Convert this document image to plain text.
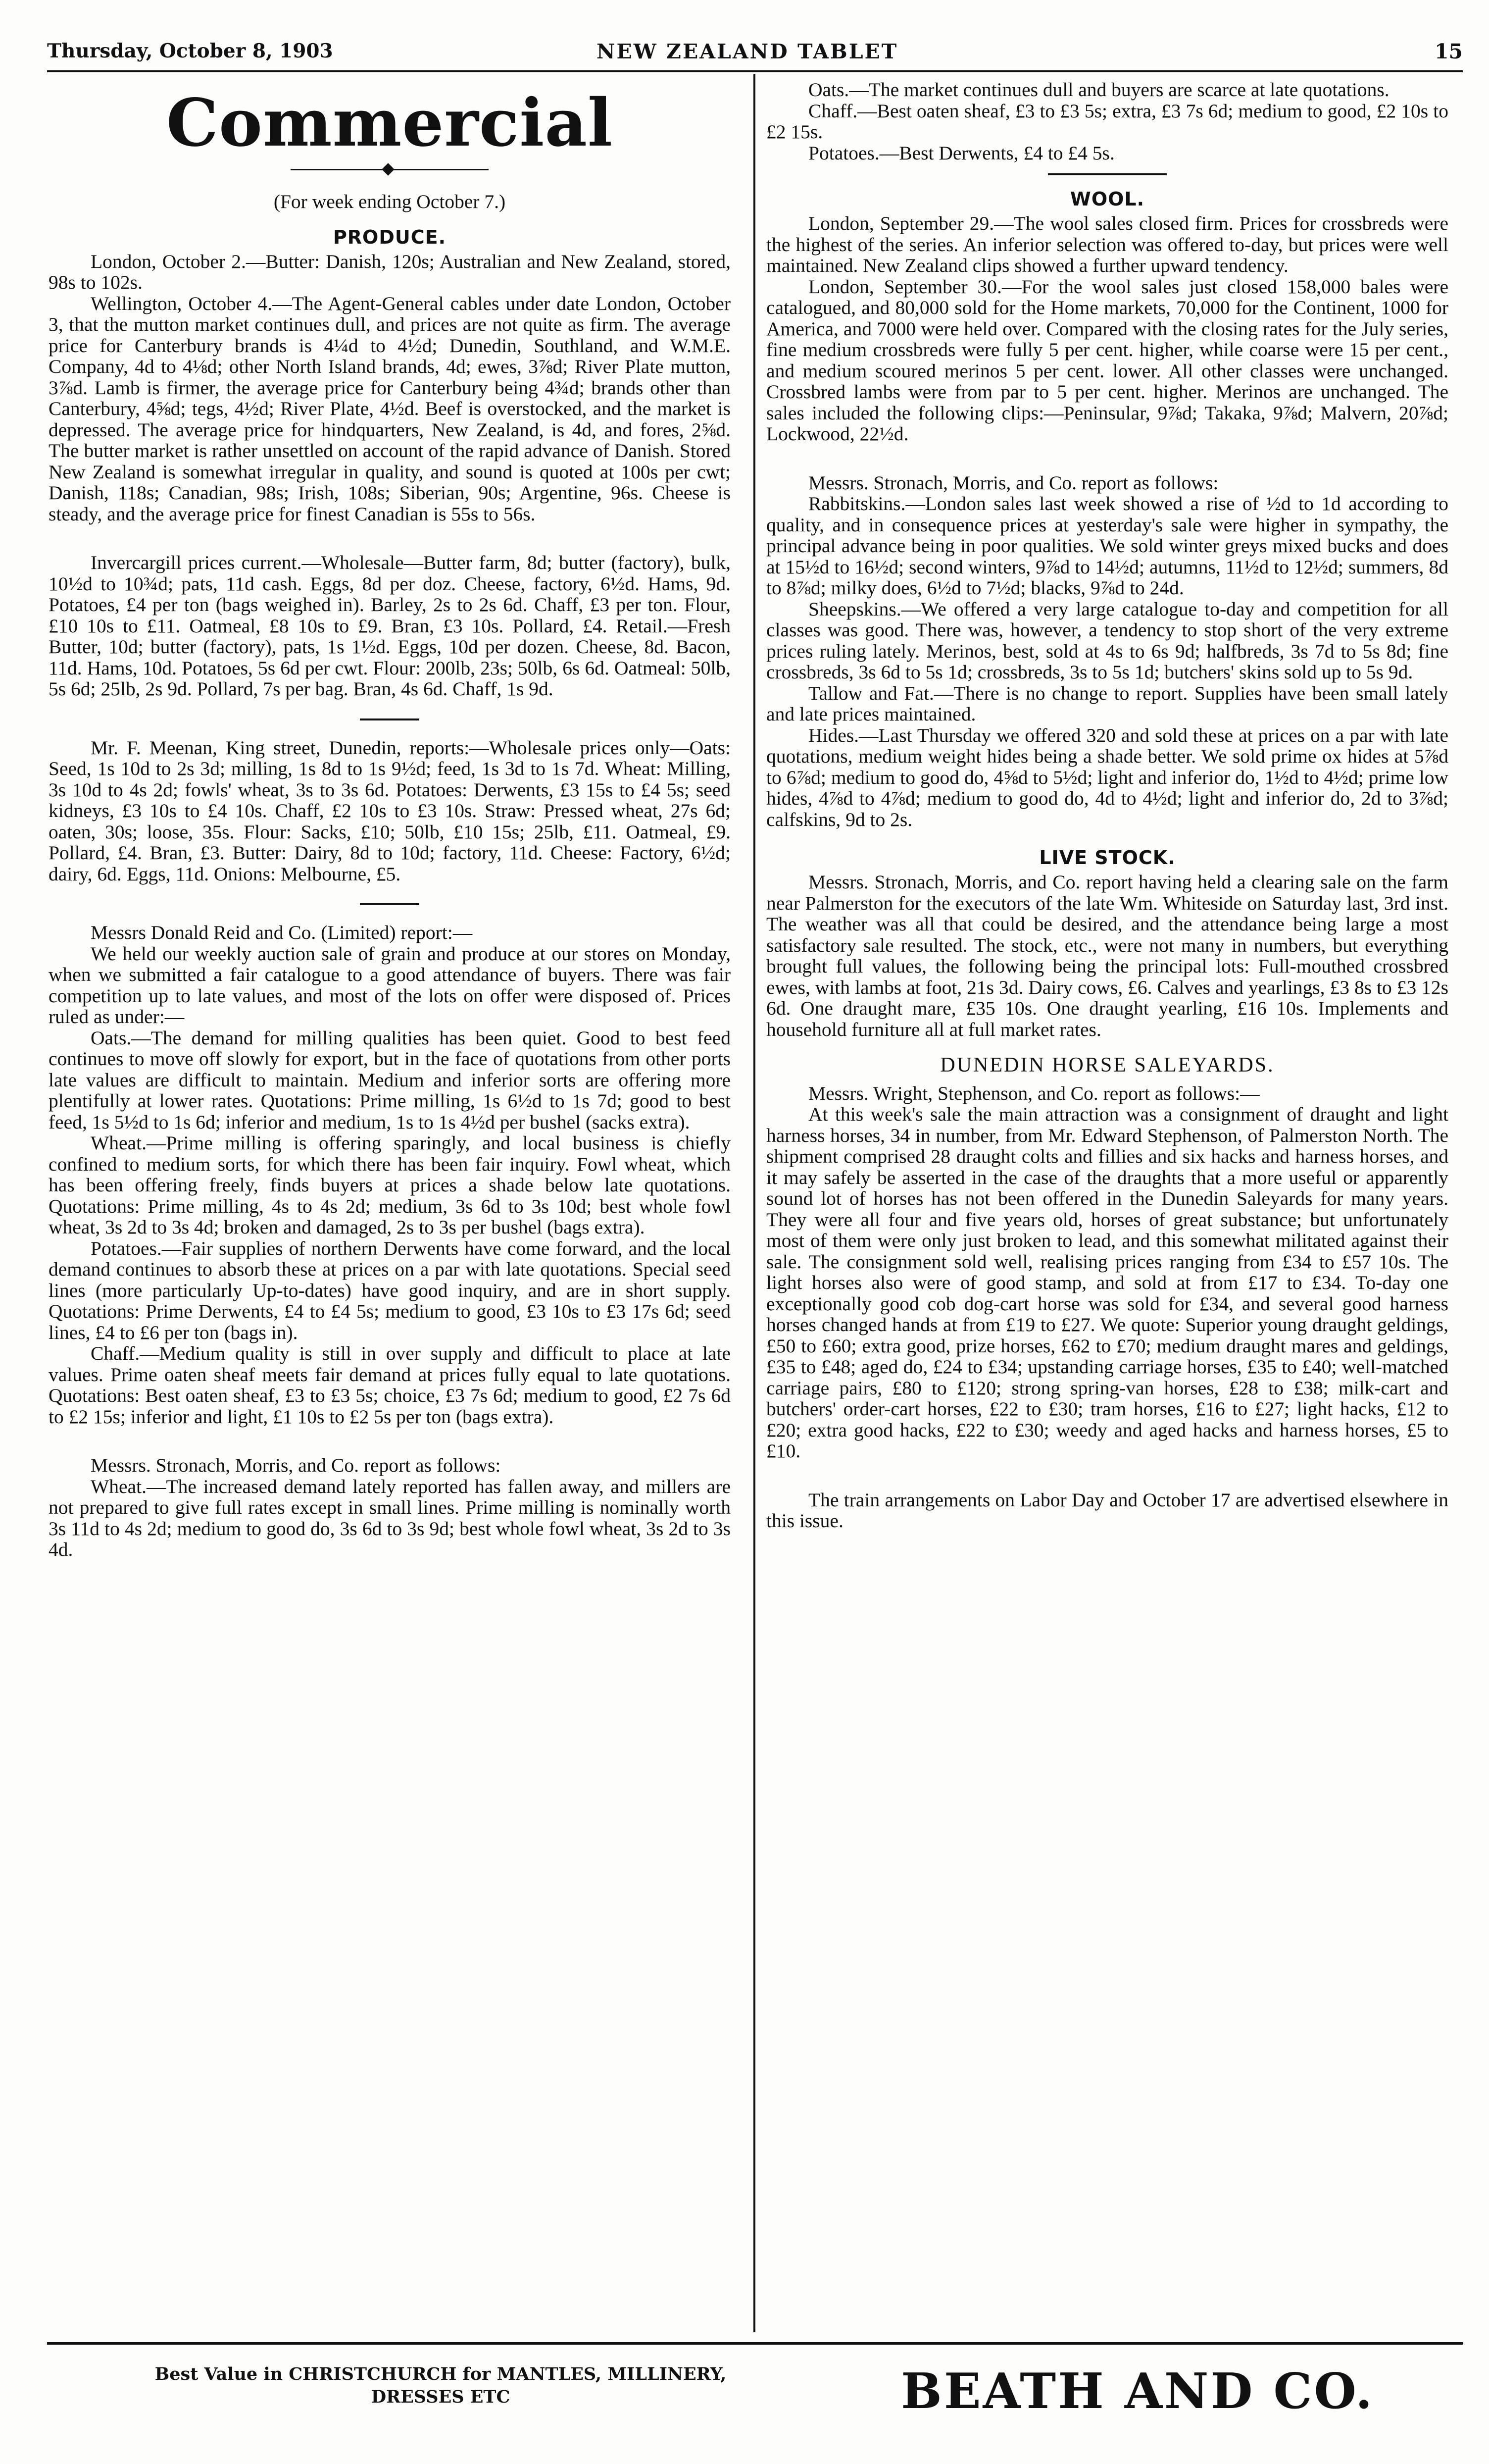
Thursday, October 8, 1903	NEW ZEALAND TABLET	15
Commercial
(For week ending October 7.)
PRODUCE.

London, October 2.—Butter: Danish, 120s; Australian and New Zealand, stored, 98s to 102s.

Wellington, October 4.—The Agent-General cables under date London, October 3, that the mutton market continues dull, and prices are not quite as firm. The average price for Canterbury brands is 4¼d to 4½d; Dunedin, Southland, and W.M.E. Company, 4d to 4⅛d; other North Island brands, 4d; ewes, 3⅞d; River Plate mutton, 3⅞d. Lamb is firmer, the average price for Canterbury being 4¾d; brands other than Canterbury, 4⅝d; tegs, 4½d; River Plate, 4½d. Beef is overstocked, and the market is depressed. The average price for hindquarters, New Zealand, is 4d, and fores, 2⅝d. The butter market is rather unsettled on account of the rapid advance of Danish. Stored New Zealand is somewhat irregular in quality, and sound is quoted at 100s per cwt; Danish, 118s; Canadian, 98s; Irish, 108s; Siberian, 90s; Argentine, 96s. Cheese is steady, and the average price for finest Canadian is 55s to 56s.

Invercargill prices current.—Wholesale—Butter farm, 8d; butter (factory), bulk, 10½d to 10¾d; pats, 11d cash. Eggs, 8d per doz. Cheese, factory, 6½d. Hams, 9d. Potatoes, £4 per ton (bags weighed in). Barley, 2s to 2s 6d. Chaff, £3 per ton. Flour, £10 10s to £11. Oatmeal, £8 10s to £9. Bran, £3 10s. Pollard, £4. Retail.—Fresh Butter, 10d; butter (factory), pats, 1s 1½d. Eggs, 10d per dozen. Cheese, 8d. Bacon, 11d. Hams, 10d. Potatoes, 5s 6d per cwt. Flour: 200lb, 23s; 50lb, 6s 6d. Oatmeal: 50lb, 5s 6d; 25lb, 2s 9d. Pollard, 7s per bag. Bran, 4s 6d. Chaff, 1s 9d.

Mr. F. Meenan, King street, Dunedin, reports:—Wholesale prices only—Oats: Seed, 1s 10d to 2s 3d; milling, 1s 8d to 1s 9½d; feed, 1s 3d to 1s 7d. Wheat: Milling, 3s 10d to 4s 2d; fowls' wheat, 3s to 3s 6d. Potatoes: Derwents, £3 15s to £4 5s; seed kidneys, £3 10s to £4 10s. Chaff, £2 10s to £3 10s. Straw: Pressed wheat, 27s 6d; oaten, 30s; loose, 35s. Flour: Sacks, £10; 50lb, £10 15s; 25lb, £11. Oatmeal, £9. Pollard, £4. Bran, £3. Butter: Dairy, 8d to 10d; factory, 11d. Cheese: Factory, 6½d; dairy, 6d. Eggs, 11d. Onions: Melbourne, £5.

Messrs Donald Reid and Co. (Limited) report:—

We held our weekly auction sale of grain and produce at our stores on Monday, when we submitted a fair catalogue to a good attendance of buyers. There was fair competition up to late values, and most of the lots on offer were disposed of. Prices ruled as under:—

Oats.—The demand for milling qualities has been quiet. Good to best feed continues to move off slowly for export, but in the face of quotations from other ports late values are difficult to maintain. Medium and inferior sorts are offering more plentifully at lower rates. Quotations: Prime milling, 1s 6½d to 1s 7d; good to best feed, 1s 5½d to 1s 6d; inferior and medium, 1s to 1s 4½d per bushel (sacks extra).

Wheat.—Prime milling is offering sparingly, and local business is chiefly confined to medium sorts, for which there has been fair inquiry. Fowl wheat, which has been offering freely, finds buyers at prices a shade below late quotations. Quotations: Prime milling, 4s to 4s 2d; medium, 3s 6d to 3s 10d; best whole fowl wheat, 3s 2d to 3s 4d; broken and damaged, 2s to 3s per bushel (bags extra).

Potatoes.—Fair supplies of northern Derwents have come forward, and the local demand continues to absorb these at prices on a par with late quotations. Special seed lines (more particularly Up-to-dates) have good inquiry, and are in short supply. Quotations: Prime Derwents, £4 to £4 5s; medium to good, £3 10s to £3 17s 6d; seed lines, £4 to £6 per ton (bags in).

Chaff.—Medium quality is still in over supply and difficult to place at late values. Prime oaten sheaf meets fair demand at prices fully equal to late quotations. Quotations: Best oaten sheaf, £3 to £3 5s; choice, £3 7s 6d; medium to good, £2 7s 6d to £2 15s; inferior and light, £1 10s to £2 5s per ton (bags extra).

Messrs. Stronach, Morris, and Co. report as follows:

Wheat.—The increased demand lately reported has fallen away, and millers are not prepared to give full rates except in small lines. Prime milling is nominally worth 3s 11d to 4s 2d; medium to good do, 3s 6d to 3s 9d; best whole fowl wheat, 3s 2d to 3s 4d.

Oats.—The market continues dull and buyers are scarce at late quotations.

Chaff.—Best oaten sheaf, £3 to £3 5s; extra, £3 7s 6d; medium to good, £2 10s to £2 15s.

Potatoes.—Best Derwents, £4 to £4 5s.

WOOL.

London, September 29.—The wool sales closed firm. Prices for crossbreds were the highest of the series. An inferior selection was offered to-day, but prices were well maintained. New Zealand clips showed a further upward tendency.

London, September 30.—For the wool sales just closed 158,000 bales were catalogued, and 80,000 sold for the Home markets, 70,000 for the Continent, 1000 for America, and 7000 were held over. Compared with the closing rates for the July series, fine medium crossbreds were fully 5 per cent. higher, while coarse were 15 per cent., and medium scoured merinos 5 per cent. lower. All other classes were unchanged. Crossbred lambs were from par to 5 per cent. higher. Merinos are unchanged. The sales included the following clips:—Peninsular, 9⅞d; Takaka, 9⅞d; Malvern, 20⅞d; Lockwood, 22½d.

Messrs. Stronach, Morris, and Co. report as follows:

Rabbitskins.—London sales last week showed a rise of ½d to 1d according to quality, and in consequence prices at yesterday's sale were higher in sympathy, the principal advance being in poor qualities. We sold winter greys mixed bucks and does at 15½d to 16½d; second winters, 9⅞d to 14½d; autumns, 11½d to 12½d; summers, 8d to 8⅞d; milky does, 6½d to 7½d; blacks, 9⅞d to 24d.

Sheepskins.—We offered a very large catalogue to-day and competition for all classes was good. There was, however, a tendency to stop short of the very extreme prices ruling lately. Merinos, best, sold at 4s to 6s 9d; halfbreds, 3s 7d to 5s 8d; fine crossbreds, 3s 6d to 5s 1d; crossbreds, 3s to 5s 1d; butchers' skins sold up to 5s 9d.

Tallow and Fat.—There is no change to report. Supplies have been small lately and late prices maintained.

Hides.—Last Thursday we offered 320 and sold these at prices on a par with late quotations, medium weight hides being a shade better. We sold prime ox hides at 5⅞d to 6⅞d; medium to good do, 4⅝d to 5½d; light and inferior do, 1½d to 4½d; prime low hides, 4⅞d to 4⅞d; medium to good do, 4d to 4½d; light and inferior do, 2d to 3⅞d; calfskins, 9d to 2s.

LIVE STOCK.

Messrs. Stronach, Morris, and Co. report having held a clearing sale on the farm near Palmerston for the executors of the late Wm. Whiteside on Saturday last, 3rd inst. The weather was all that could be desired, and the attendance being large a most satisfactory sale resulted. The stock, etc., were not many in numbers, but everything brought full values, the following being the principal lots: Full-mouthed crossbred ewes, with lambs at foot, 21s 3d. Dairy cows, £6. Calves and yearlings, £3 8s to £3 12s 6d. One draught mare, £35 10s. One draught yearling, £16 10s. Implements and household furniture all at full market rates.

DUNEDIN HORSE SALEYARDS.

Messrs. Wright, Stephenson, and Co. report as follows:—

At this week's sale the main attraction was a consignment of draught and light harness horses, 34 in number, from Mr. Edward Stephenson, of Palmerston North. The shipment comprised 28 draught colts and fillies and six hacks and harness horses, and it may safely be asserted in the case of the draughts that a more useful or apparently sound lot of horses has not been offered in the Dunedin Saleyards for many years. They were all four and five years old, horses of great substance; but unfortunately most of them were only just broken to lead, and this somewhat militated against their sale. The consignment sold well, realising prices ranging from £34 to £57 10s. The light horses also were of good stamp, and sold at from £17 to £34. To-day one exceptionally good cob dog-cart horse was sold for £34, and several good harness horses changed hands at from £19 to £27. We quote: Superior young draught geldings, £50 to £60; extra good, prize horses, £62 to £70; medium draught mares and geldings, £35 to £48; aged do, £24 to £34; upstanding carriage horses, £35 to £40; well-matched carriage pairs, £80 to £120; strong spring-van horses, £28 to £38; milk-cart and butchers' order-cart horses, £22 to £30; tram horses, £16 to £27; light hacks, £12 to £20; extra good hacks, £22 to £30; weedy and aged hacks and harness horses, £5 to £10.

The train arrangements on Labor Day and October 17 are advertised elsewhere in this issue.

Best Value in CHRISTCHURCH for MANTLES, MILLINERY,
DRESSES ETC	BEATH AND CO.
